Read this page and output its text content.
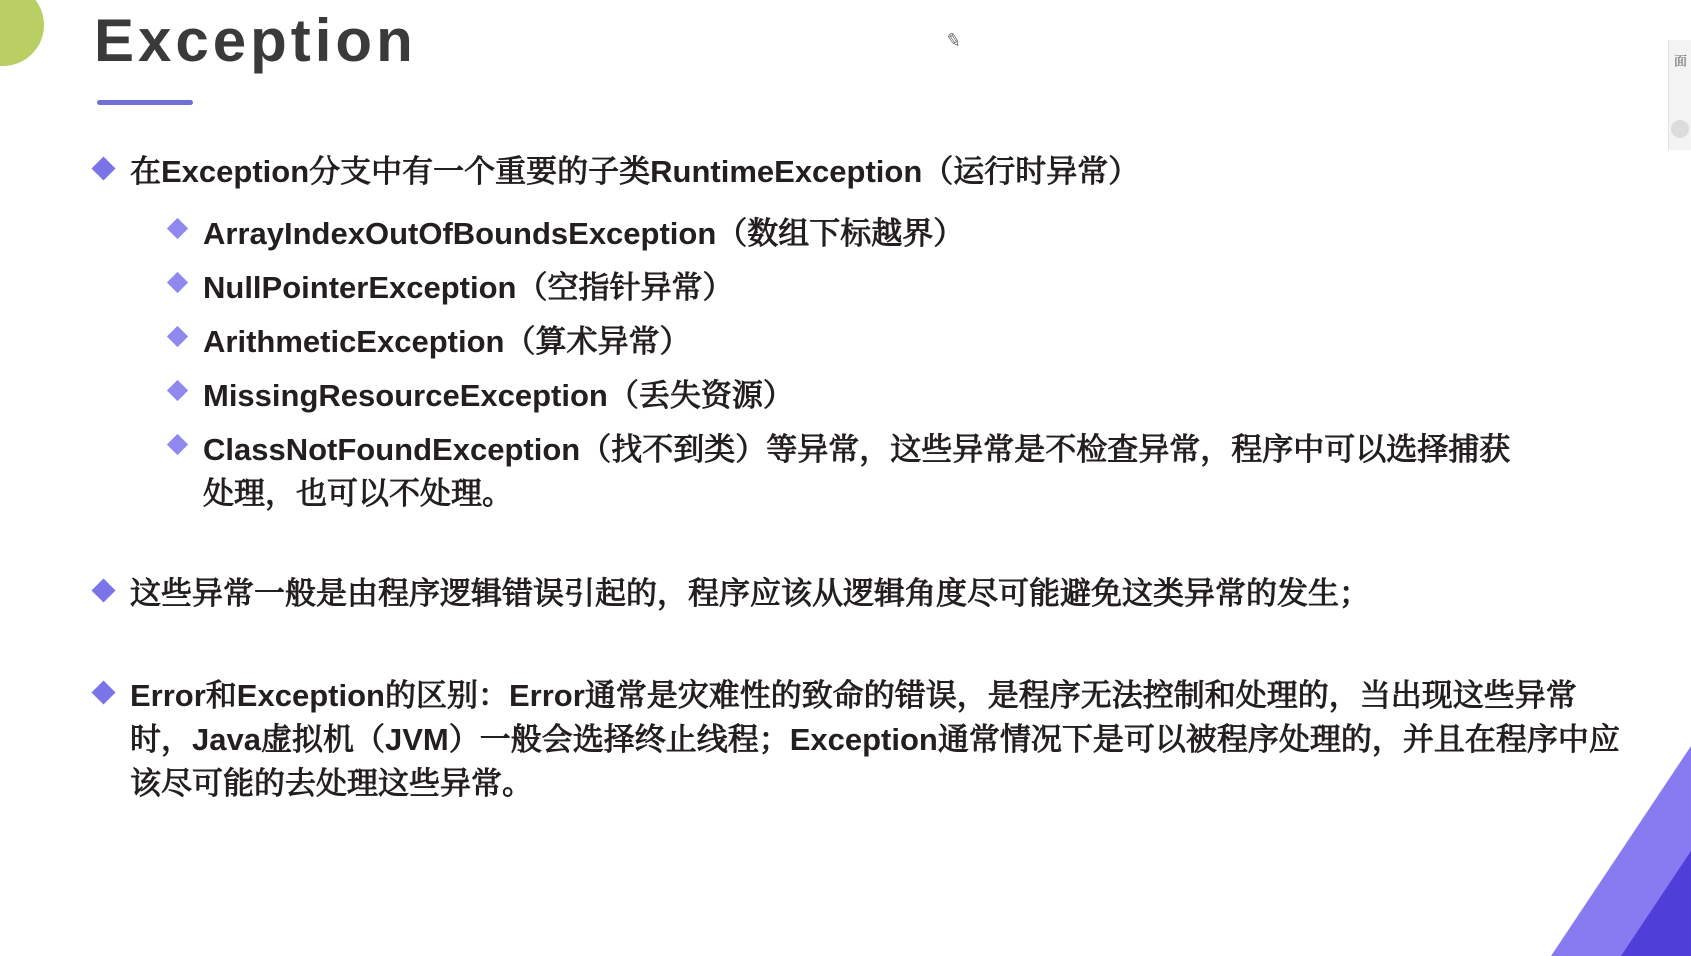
Exception	✎
面
在Exception分支中有一个重要的子类RuntimeException（运行时异常）
ArrayIndexOutOfBoundsException（数组下标越界）
NullPointerException（空指针异常）
ArithmeticException（算术异常）
MissingResourceException（丢失资源）
ClassNotFoundException（找不到类）等异常，这些异常是不检查异常，程序中可以选择捕获处理，也可以不处理。
这些异常一般是由程序逻辑错误引起的，程序应该从逻辑角度尽可能避免这类异常的发生；
Error和Exception的区别：Error通常是灾难性的致命的错误，是程序无法控制和处理的，当出现这些异常时，Java虚拟机（JVM）一般会选择终止线程；Exception通常情况下是可以被程序处理的，并且在程序中应该尽可能的去处理这些异常。
